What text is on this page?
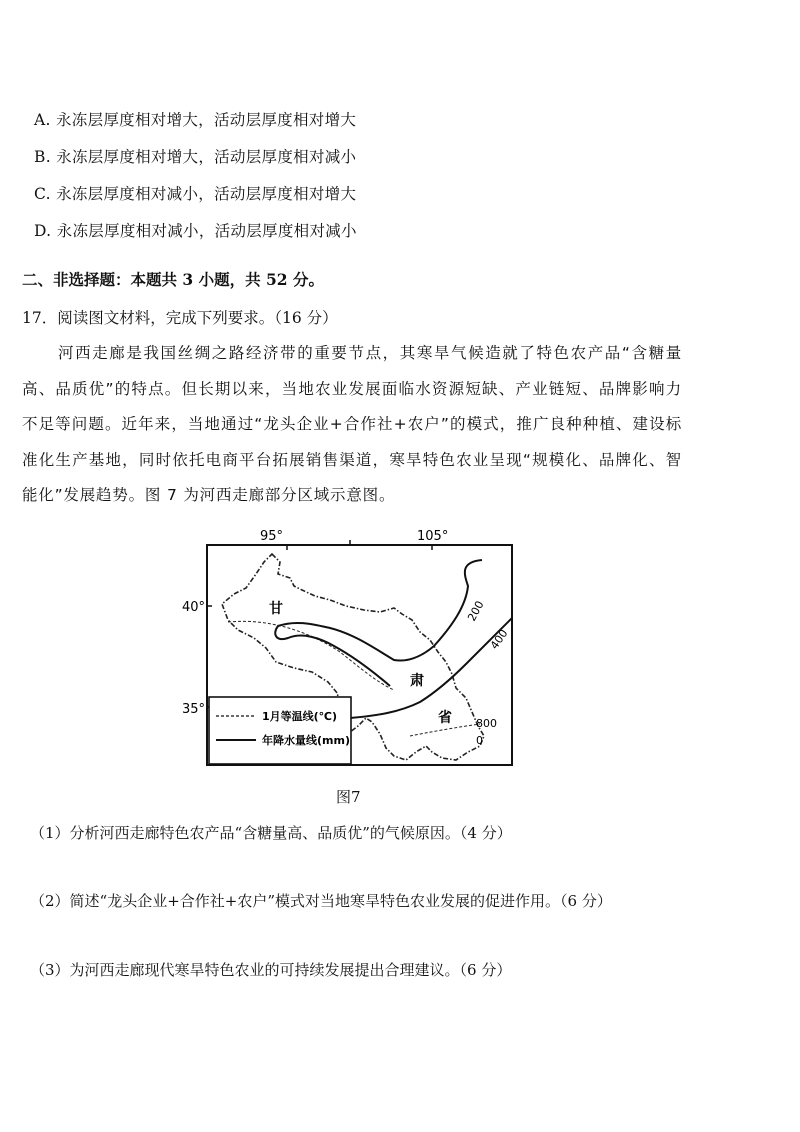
A. 永冻层厚度相对增大，活动层厚度相对增大
B. 永冻层厚度相对增大，活动层厚度相对减小
C. 永冻层厚度相对减小，活动层厚度相对增大
D. 永冻层厚度相对减小，活动层厚度相对减小
二、非选择题：本题共 3 小题，共 52 分。
17．阅读图文材料，完成下列要求。（16 分）
河西走廊是我国丝绸之路经济带的重要节点，其寒旱气候造就了特色农产品“含糖量高、品质优”的特点。但长期以来，当地农业发展面临水资源短缺、产业链短、品牌影响力不足等问题。近年来，当地通过“龙头企业+合作社+农户”的模式，推广良种种植、建设标准化生产基地，同时依托电商平台拓展销售渠道，寒旱特色农业呈现“规模化、品牌化、智能化”发展趋势。图 7 为河西走廊部分区域示意图。
95°	105°
40°
35°
200
400
800
0
甘
肃
省
1月等温线(℃)
年降水量线(mm)
图7
（1）分析河西走廊特色农产品“含糖量高、品质优”的气候原因。（4 分）
（2）简述“龙头企业+合作社+农户”模式对当地寒旱特色农业发展的促进作用。（6 分）
（3）为河西走廊现代寒旱特色农业的可持续发展提出合理建议。（6 分）
